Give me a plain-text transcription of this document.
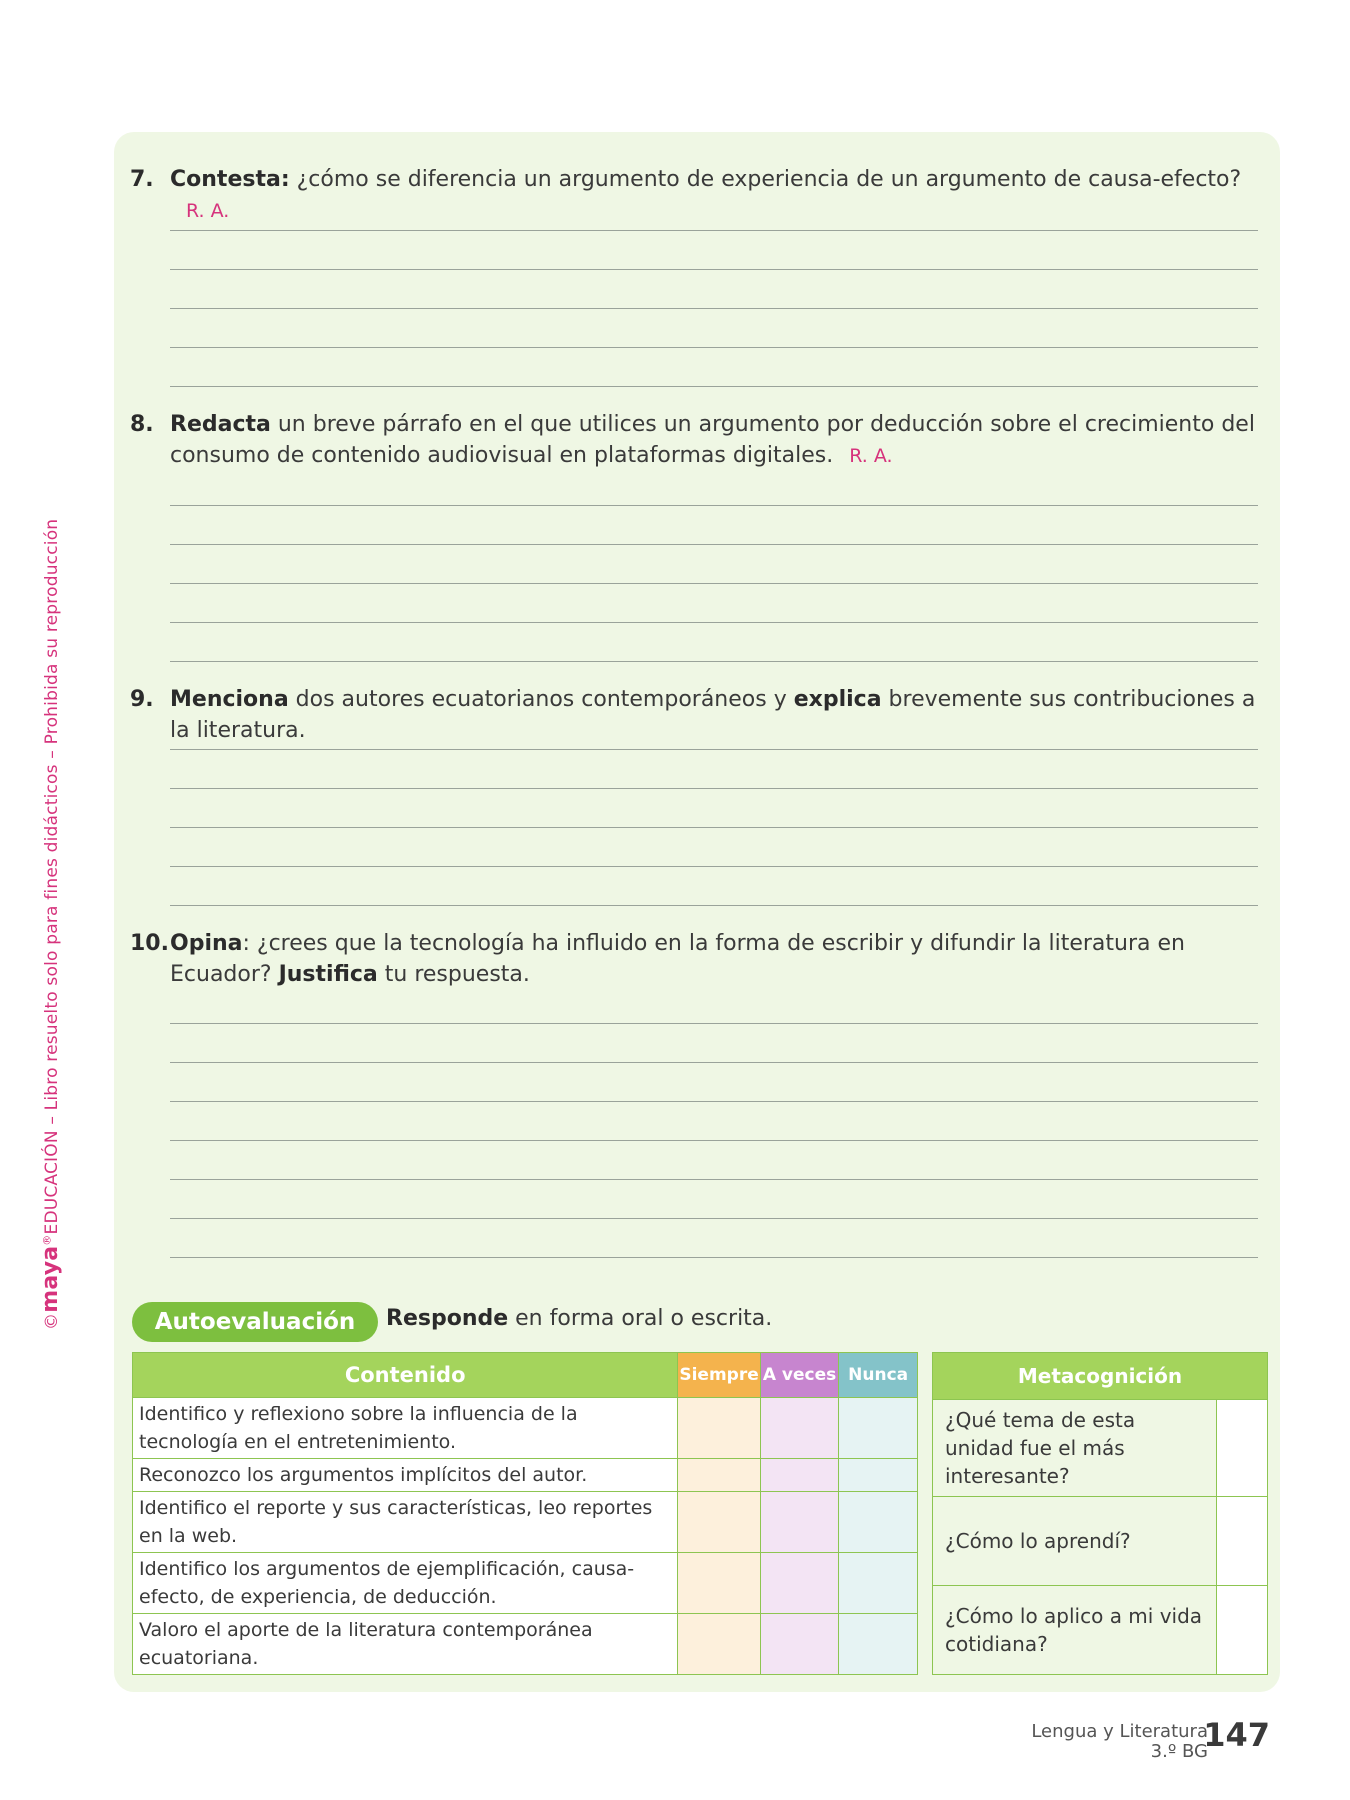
©maya®EDUCACIÓN – Libro resuelto solo para fines didácticos – Prohibida su reproducción
7. Contesta: ¿cómo se diferencia un argumento de experiencia de un argumento de causa-efecto?R. A.
8. Redacta un breve párrafo en el que utilices un argumento por deducción sobre el crecimiento del consumo de contenido audiovisual en plataformas digitales. R. A.
9. Menciona dos autores ecuatorianos contemporáneos y explica brevemente sus contribuciones a la literatura.
10. Opina: ¿crees que la tecnología ha influido en la forma de escribir y difundir la literatura en Ecuador? Justifica tu respuesta.
Autoevaluación	Responde en forma oral o escrita.
Contenido	Siempre	A veces	Nunca
Identifico y reflexiono sobre la influencia de la tecnología en el entretenimiento.			
Reconozco los argumentos implícitos del autor.			
Identifico el reporte y sus características, leo reportes en la web.			
Identifico los argumentos de ejemplificación, causa-efecto, de experiencia, de deducción.			
Valoro el aporte de la literatura contemporánea ecuatoriana.			
Metacognición	
¿Qué tema de esta unidad fue el más interesante?	
¿Cómo lo aprendí?	
¿Cómo lo aplico a mi vida cotidiana?	
Lengua y Literatura
3.º BG
147
